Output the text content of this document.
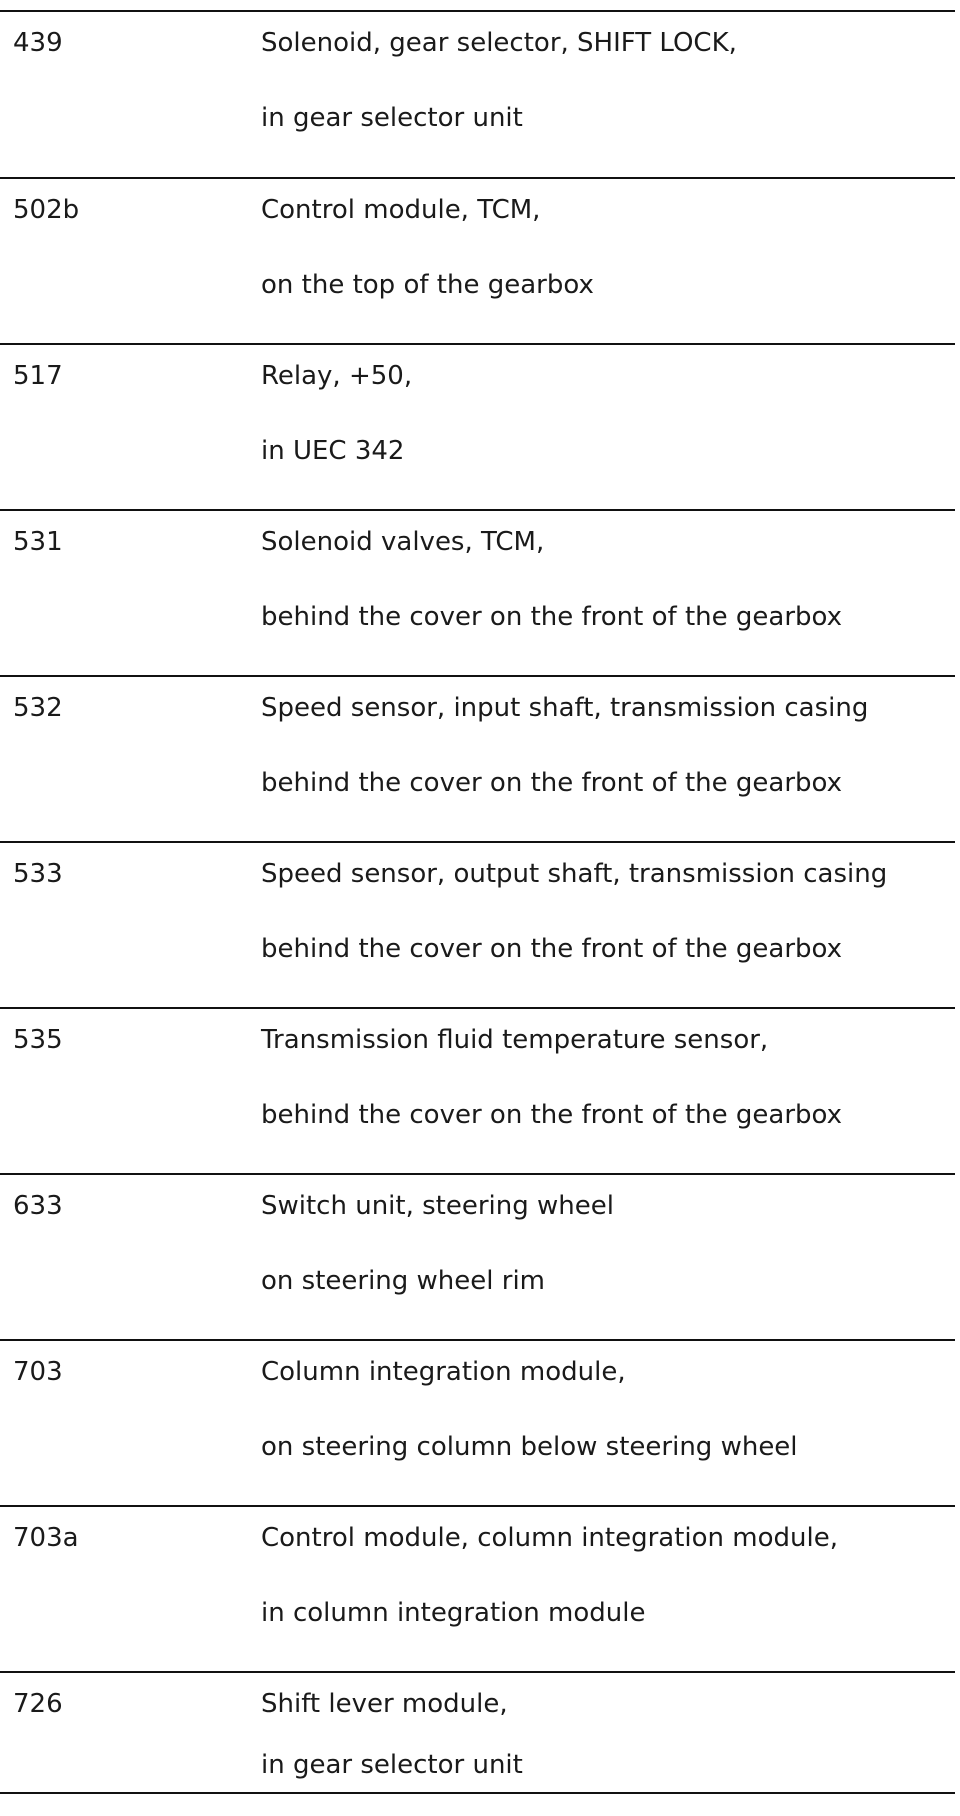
439	Solenoid, gear selector, SHIFT LOCK,
in gear selector unit
502b	Control module, TCM,
on the top of the gearbox
517	Relay, +50,
in UEC 342
531	Solenoid valves, TCM,
behind the cover on the front of the gearbox
532	Speed sensor, input shaft, transmission casing
behind the cover on the front of the gearbox
533	Speed sensor, output shaft, transmission casing
behind the cover on the front of the gearbox
535	Transmission fluid temperature sensor,
behind the cover on the front of the gearbox
633	Switch unit, steering wheel
on steering wheel rim
703	Column integration module,
on steering column below steering wheel
703a	Control module, column integration module,
in column integration module
726	Shift lever module,
in gear selector unit
